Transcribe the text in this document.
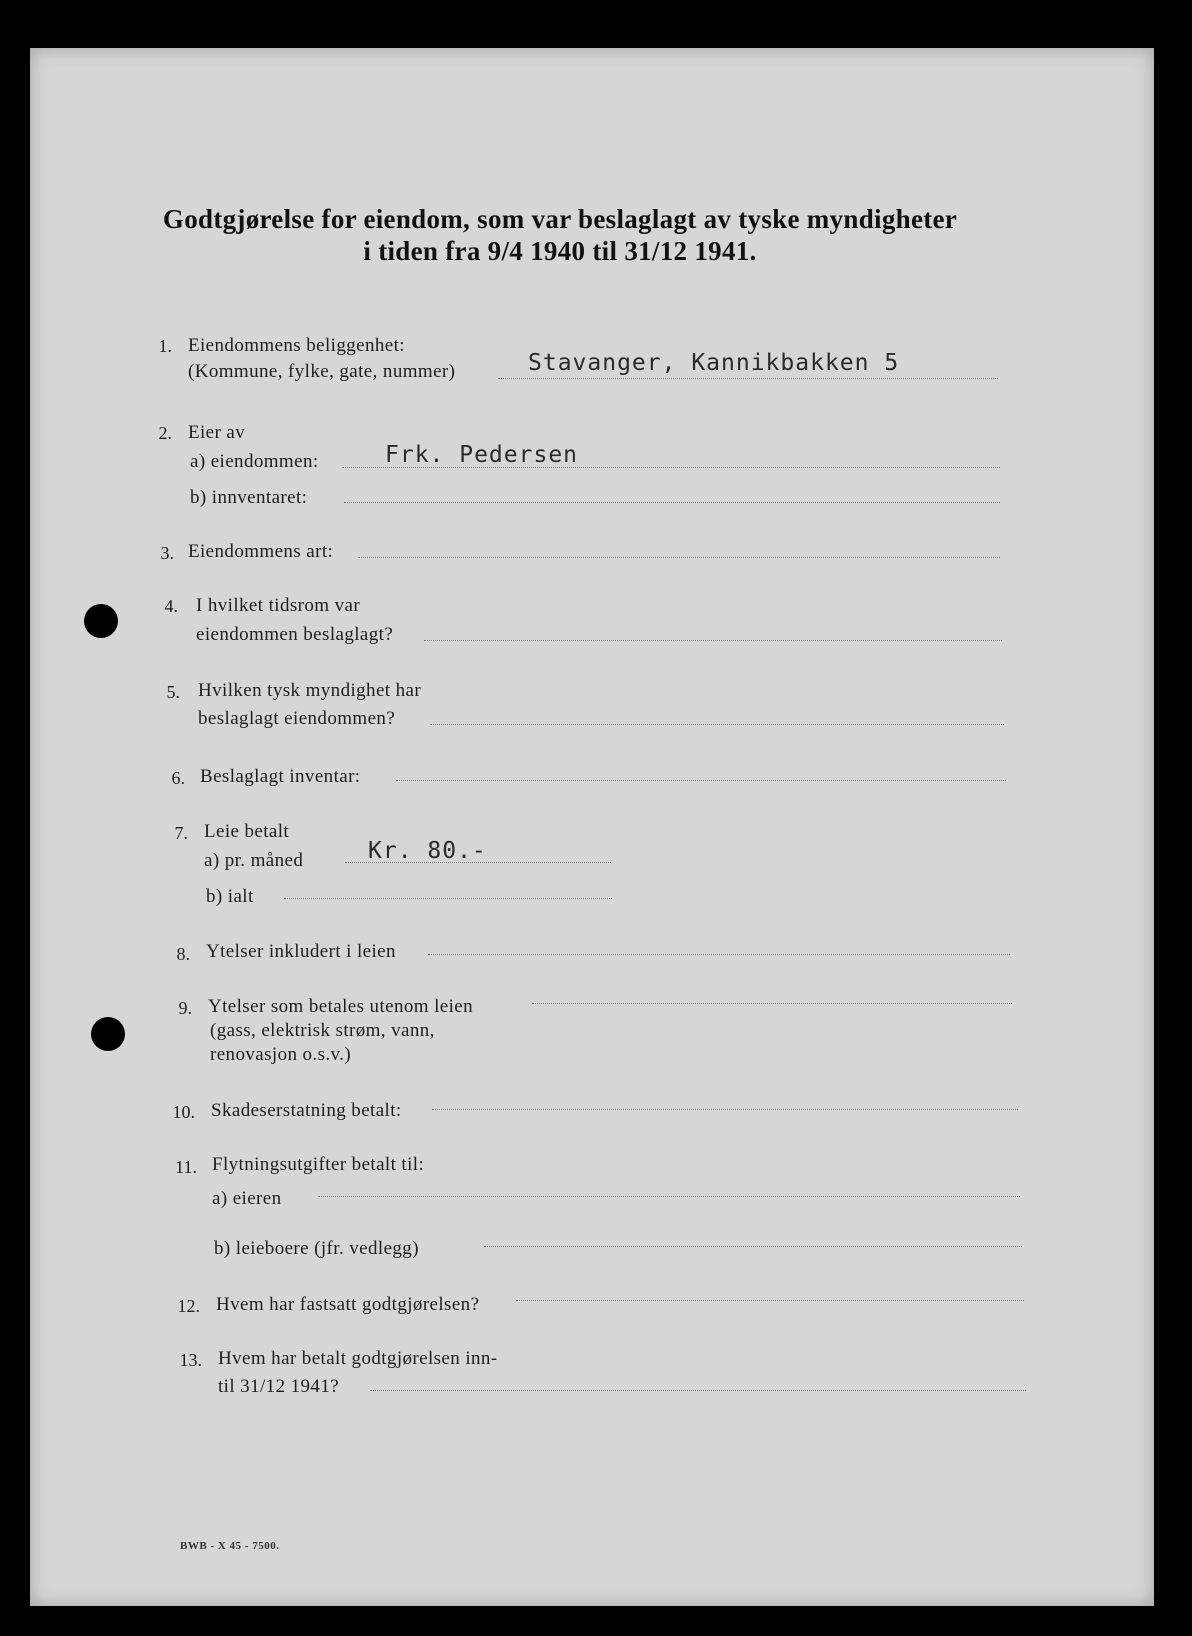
Godtgjørelse for eiendom, som var beslaglagt av tyske myndigheter
i tiden fra 9/4 1940 til 31/12 1941.
1. Eiendommens beliggenhet:
(Kommune, fylke, gate, nummer)	Stavanger, Kannikbakken 5
2. Eier av
a) eiendommen:	Frk. Pedersen
b) innventaret:
3. Eiendommens art:
4. I hvilket tidsrom var
eiendommen beslaglagt?
5. Hvilken tysk myndighet har
beslaglagt eiendommen?
6. Beslaglagt inventar:
7. Leie betalt
a) pr. måned	Kr. 80.-
b) ialt
8. Ytelser inkludert i leien
9. Ytelser som betales utenom leien
(gass, elektrisk strøm, vann,
renovasjon o.s.v.)
10. Skadeserstatning betalt:
11. Flytningsutgifter betalt til:
a) eieren
b) leieboere (jfr. vedlegg)
12. Hvem har fastsatt godtgjørelsen?
13. Hvem har betalt godtgjørelsen inn-
til 31/12 1941?
BWB - X 45 - 7500.
